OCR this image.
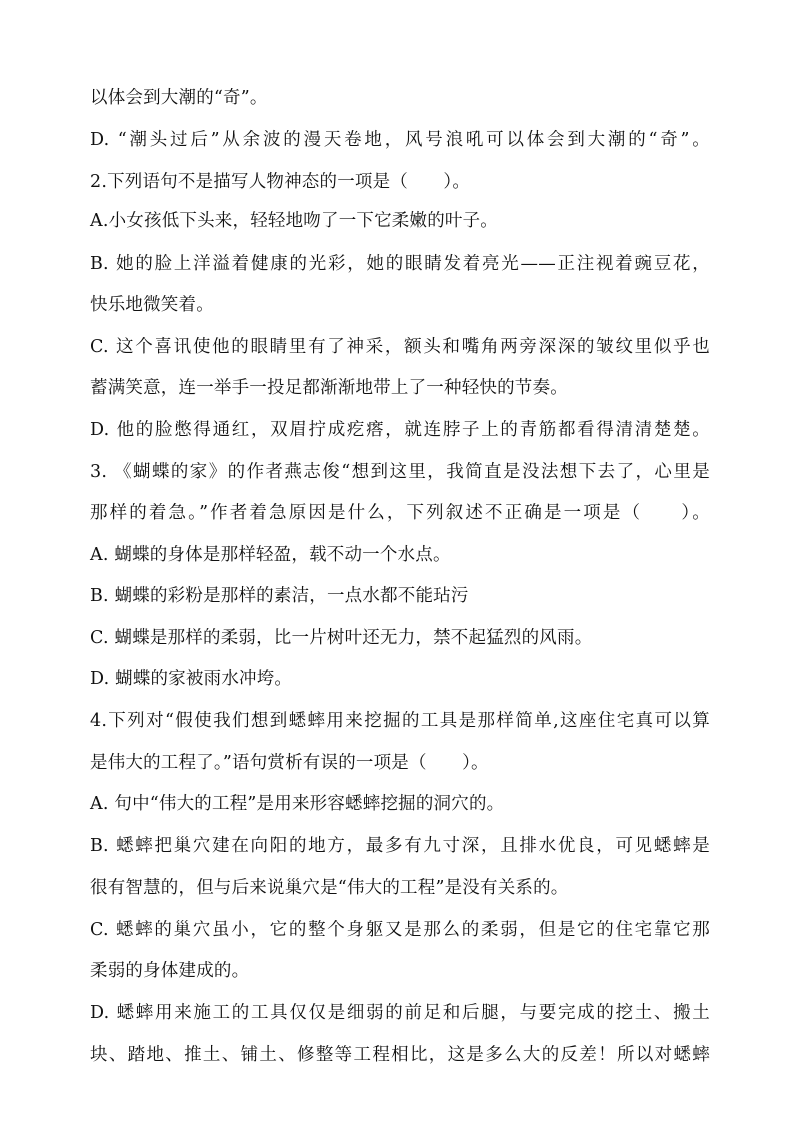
以体会到大潮的“奇”。
D. “潮头过后”从余波的漫天卷地，风号浪吼可以体会到大潮的“奇”。
2.下列语句不是描写人物神态的一项是（　　）。
A.小女孩低下头来，轻轻地吻了一下它柔嫩的叶子。
B. 她的脸上洋溢着健康的光彩，她的眼睛发着亮光——正注视着豌豆花，
快乐地微笑着。
C. 这个喜讯使他的眼睛里有了神采，额头和嘴角两旁深深的皱纹里似乎也
蓄满笑意，连一举手一投足都渐渐地带上了一种轻快的节奏。
D. 他的脸憋得通红，双眉拧成疙瘩，就连脖子上的青筋都看得清清楚楚。
3. 《蝴蝶的家》的作者燕志俊“想到这里，我简直是没法想下去了，心里是
那样的着急。”作者着急原因是什么，下列叙述不正确是一项是（　　）。
A. 蝴蝶的身体是那样轻盈，载不动一个水点。
B. 蝴蝶的彩粉是那样的素洁，一点水都不能玷污
C. 蝴蝶是那样的柔弱，比一片树叶还无力，禁不起猛烈的风雨。
D. 蝴蝶的家被雨水冲垮。
4.下列对“假使我们想到蟋蟀用来挖掘的工具是那样简单,这座住宅真可以算
是伟大的工程了。”语句赏析有误的一项是（　　）。
A. 句中“伟大的工程”是用来形容蟋蟀挖掘的洞穴的。
B. 蟋蟀把巢穴建在向阳的地方，最多有九寸深，且排水优良，可见蟋蟀是
很有智慧的，但与后来说巢穴是“伟大的工程”是没有关系的。
C. 蟋蟀的巢穴虽小，它的整个身躯又是那么的柔弱，但是它的住宅靠它那
柔弱的身体建成的。
D. 蟋蟀用来施工的工具仅仅是细弱的前足和后腿，与要完成的挖土、搬土
块、踏地、推土、铺土、修整等工程相比，这是多么大的反差！所以对蟋蟀
